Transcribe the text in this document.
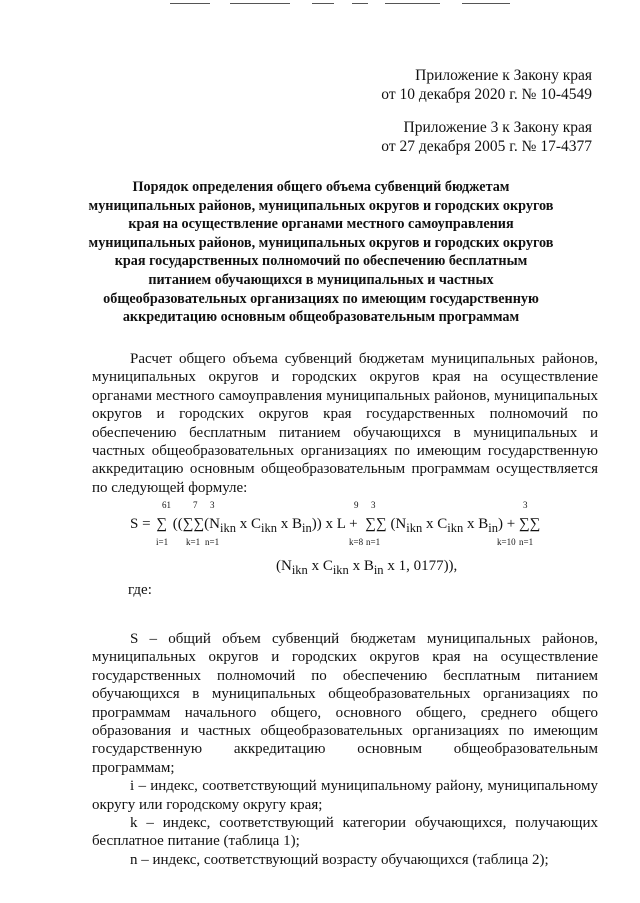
Приложение к Закону края
от 10 декабря 2020 г. № 10-4549
Приложение 3 к Закону края
от 27 декабря 2005 г. № 17-4377
Порядок определения общего объема субвенций бюджетам
муниципальных районов, муниципальных округов и городских округов
края на осуществление органами местного самоуправления
муниципальных районов, муниципальных округов и городских округов
края государственных полномочий по обеспечению бесплатным
питанием обучающихся в муниципальных и частных
общеобразовательных организациях по имеющим государственную
аккредитацию основным общеобразовательным программам
Расчет общего объема субвенций бюджетам муниципальных районов, муниципальных округов и городских округов края на осуществление органами местного самоуправления муниципальных районов, муниципальных округов и городских округов края государственных полномочий по обеспечению бесплатным питанием обучающихся в муниципальных и частных общеобразовательных организациях по имеющим государственную аккредитацию основным общеобразовательным программам осуществляется по следующей формуле:
61
i=1
7
k=1
3
n=1
9
k=8
3
n=1
3
k=10 n=1
S = ∑ (($\sum\sum(N_{ikn}$ x $C_{ikn}$ x $B_{in}$)) x L + ∑∑ ($N_{ikn}$ x $C_{ikn}$ x $B_{in}$) + ∑∑
($N_{ikn}$ x $C_{ikn}$ x $B_{in}$ x 1, 0177)),
где:
S – общий объем субвенций бюджетам муниципальных районов, муниципальных округов и городских округов края на осуществление государственных полномочий по обеспечению бесплатным питанием обучающихся в муниципальных общеобразовательных организациях по программам начального общего, основного общего, среднего общего образования и частных общеобразовательных организациях по имеющим государственную аккредитацию основным общеобразовательным программам;
i – индекс, соответствующий муниципальному району, муниципальному округу или городскому округу края;
k – индекс, соответствующий категории обучающихся, получающих бесплатное питание (таблица 1);
n – индекс, соответствующий возрасту обучающихся (таблица 2);
